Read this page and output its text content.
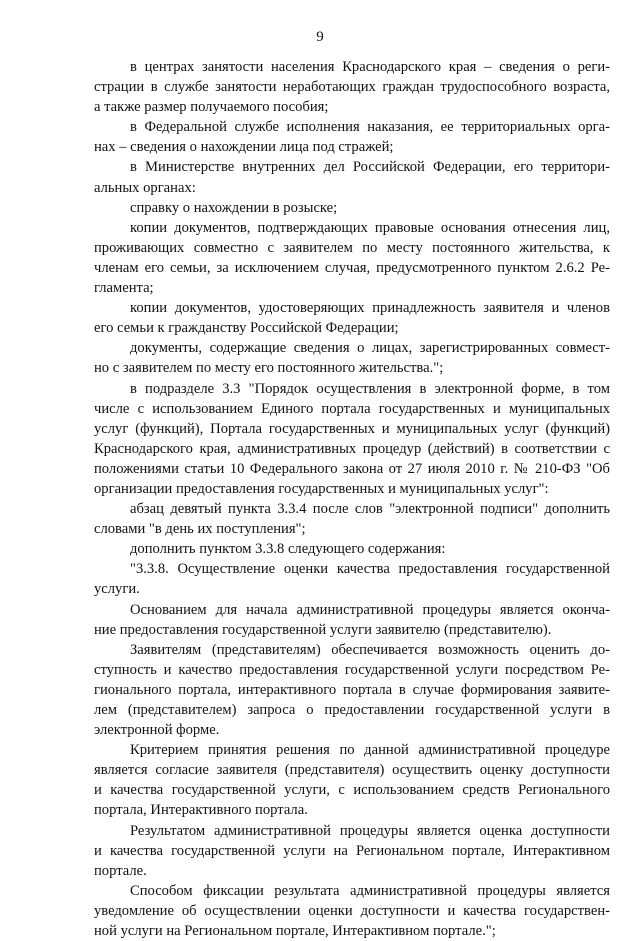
9
в центрах занятости населения Краснодарского края – сведения о реги-
страции в службе занятости неработающих граждан трудоспособного возраста,
а также размер получаемого пособия;
в Федеральной службе исполнения наказания, ее территориальных орга-
нах – сведения о нахождении лица под стражей;
в Министерстве внутренних дел Российской Федерации, его территори-
альных органах:
справку о нахождении в розыске;
копии документов, подтверждающих правовые основания отнесения лиц,
проживающих совместно с заявителем по месту постоянного жительства, к
членам его семьи, за исключением случая, предусмотренного пунктом 2.6.2 Ре-
гламента;
копии документов, удостоверяющих принадлежность заявителя и членов
его семьи к гражданству Российской Федерации;
документы, содержащие сведения о лицах, зарегистрированных совмест-
но с заявителем по месту его постоянного жительства.";
в подразделе 3.3 "Порядок осуществления в электронной форме, в том
числе с использованием Единого портала государственных и муниципальных
услуг (функций), Портала государственных и муниципальных услуг (функций)
Краснодарского края, административных процедур (действий) в соответствии с
положениями статьи 10 Федерального закона от 27 июля 2010 г. № 210-ФЗ "Об
организации предоставления государственных и муниципальных услуг":
абзац девятый пункта 3.3.4 после слов "электронной подписи" дополнить
словами "в день их поступления";
дополнить пунктом 3.3.8 следующего содержания:
"3.3.8. Осуществление оценки качества предоставления государственной
услуги.
Основанием для начала административной процедуры является оконча-
ние предоставления государственной услуги заявителю (представителю).
Заявителям (представителям) обеспечивается возможность оценить до-
ступность и качество предоставления государственной услуги посредством Ре-
гионального портала, интерактивного портала в случае формирования заявите-
лем (представителем) запроса о предоставлении государственной услуги в
электронной форме.
Критерием принятия решения по данной административной процедуре
является согласие заявителя (представителя) осуществить оценку доступности
и качества государственной услуги, с использованием средств Регионального
портала, Интерактивного портала.
Результатом административной процедуры является оценка доступности
и качества государственной услуги на Региональном портале, Интерактивном
портале.
Способом фиксации результата административной процедуры является
уведомление об осуществлении оценки доступности и качества государствен-
ной услуги на Региональном портале, Интерактивном портале.";
